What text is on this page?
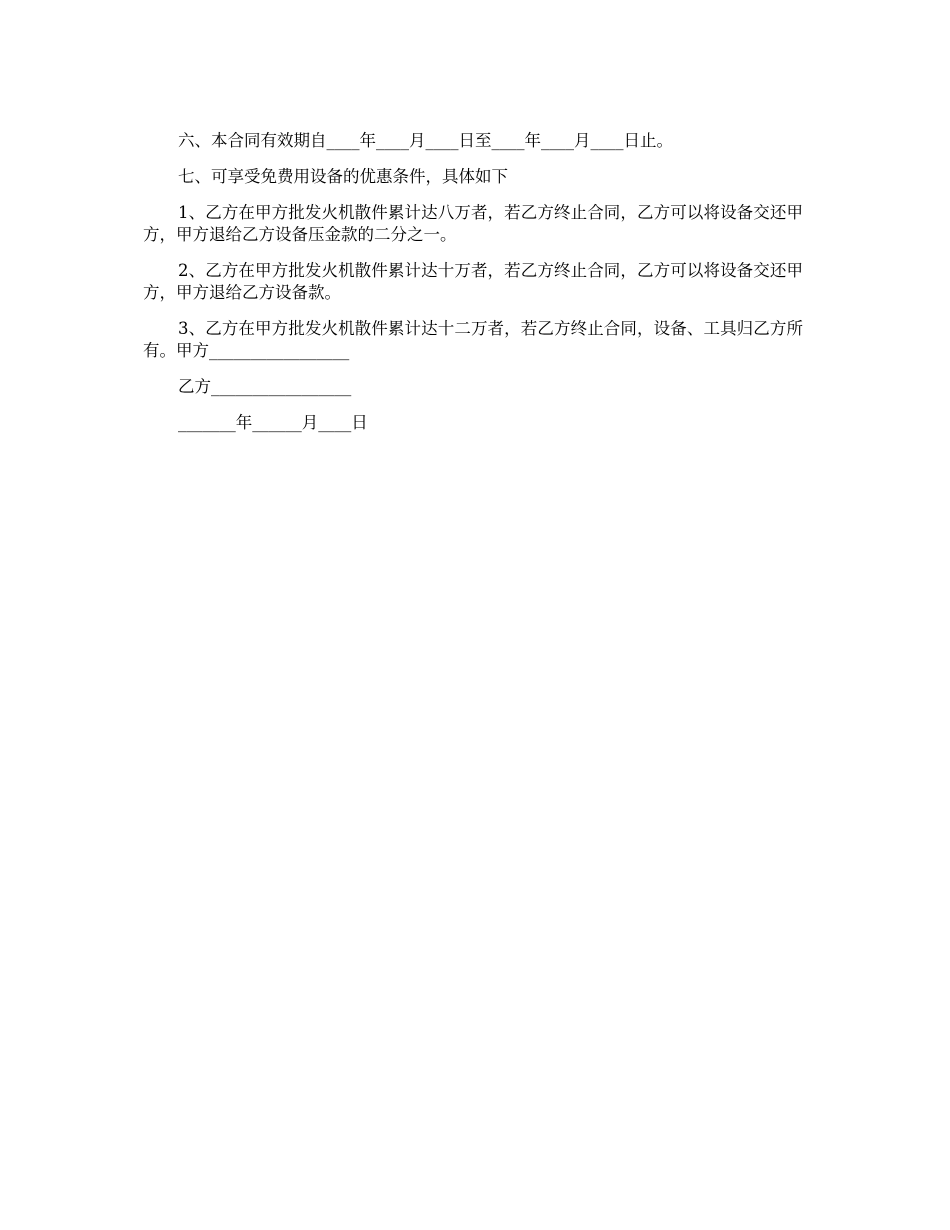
六、本合同有效期自____年____月____日至____年____月____日止。

七、可享受免费用设备的优惠条件，具体如下

1、乙方在甲方批发火机散件累计达八万者，若乙方终止合同，乙方可以将设备交还甲方，甲方退给乙方设备压金款的二分之一。

2、乙方在甲方批发火机散件累计达十万者，若乙方终止合同，乙方可以将设备交还甲方，甲方退给乙方设备款。

3、乙方在甲方批发火机散件累计达十二万者，若乙方终止合同，设备、工具归乙方所有。甲方_________________

乙方_________________

_______年______月____日
